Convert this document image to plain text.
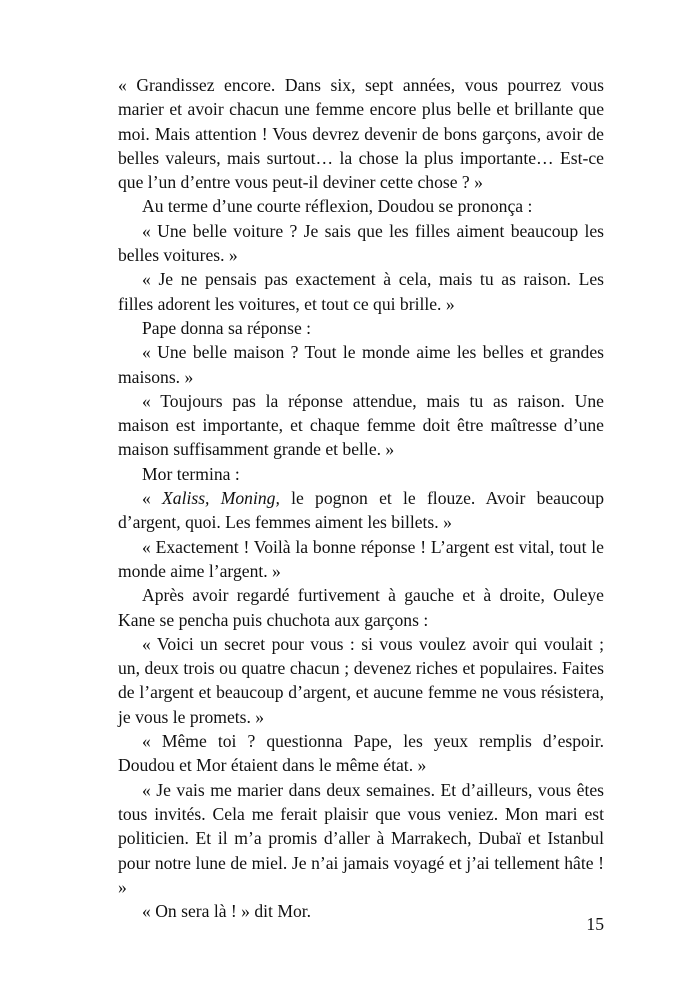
« Grandissez encore. Dans six, sept années, vous pourrez vous marier et avoir chacun une femme encore plus belle et brillante que moi. Mais attention ! Vous devrez devenir de bons garçons, avoir de belles valeurs, mais surtout… la chose la plus importante… Est-ce que l’un d’entre vous peut-il deviner cette chose ? »

Au terme d’une courte réflexion, Doudou se prononça :

« Une belle voiture ? Je sais que les filles aiment beaucoup les belles voitures. »

« Je ne pensais pas exactement à cela, mais tu as raison. Les filles adorent les voitures, et tout ce qui brille. »

Pape donna sa réponse :

« Une belle maison ? Tout le monde aime les belles et grandes maisons. »

« Toujours pas la réponse attendue, mais tu as raison. Une maison est importante, et chaque femme doit être maîtresse d’une maison suffisamment grande et belle. »

Mor termina :

« Xaliss, Moning, le pognon et le flouze. Avoir beaucoup d’argent, quoi. Les femmes aiment les billets. »

« Exactement ! Voilà la bonne réponse ! L’argent est vital, tout le monde aime l’argent. »

Après avoir regardé furtivement à gauche et à droite, Ouleye Kane se pencha puis chuchota aux garçons :

« Voici un secret pour vous : si vous voulez avoir qui voulait ; un, deux trois ou quatre chacun ; devenez riches et populaires. Faites de l’argent et beaucoup d’argent, et aucune femme ne vous résistera, je vous le promets. »

« Même toi ? questionna Pape, les yeux remplis d’espoir. Doudou et Mor étaient dans le même état. »

« Je vais me marier dans deux semaines. Et d’ailleurs, vous êtes tous invités. Cela me ferait plaisir que vous veniez. Mon mari est politicien. Et il m’a promis d’aller à Marrakech, Dubaï et Istanbul pour notre lune de miel. Je n’ai jamais voyagé et j’ai tellement hâte ! »

« On sera là ! » dit Mor.

15
